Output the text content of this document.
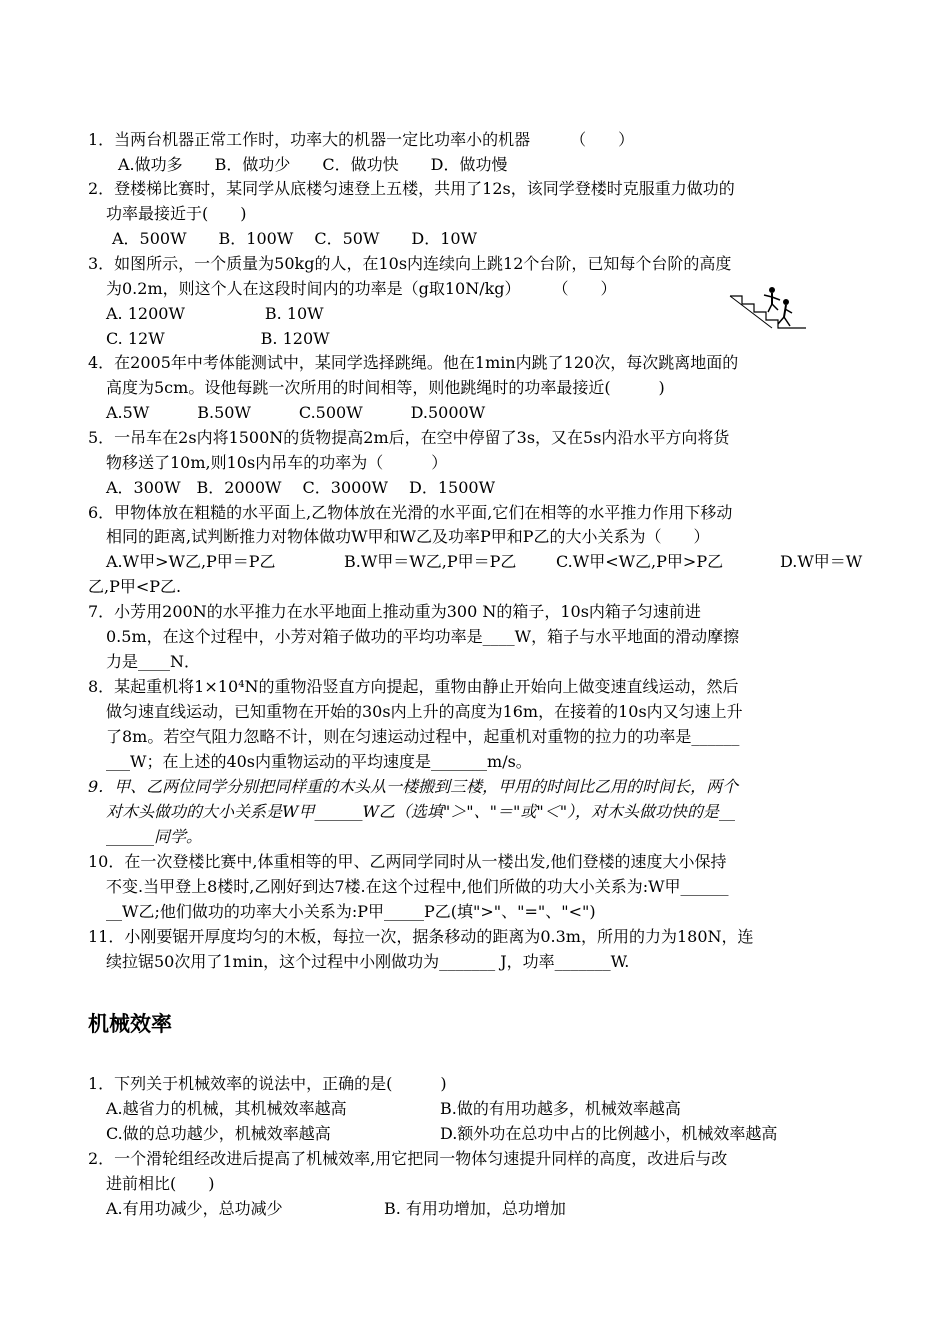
1．当两台机器正常工作时，功率大的机器一定比功率小的机器　　　（　　）
A.做功多　　B．做功少　　C．做功快　　D．做功慢
2．登楼梯比赛时，某同学从底楼匀速登上五楼，共用了12s，该同学登楼时克服重力做功的
功率最接近于(　　)
A．500W　　B．100W　 C．50W　　D．10W
3．如图所示，一个质量为50kg的人，在10s内连续向上跳12个台阶，已知每个台阶的高度
为0.2m，则这个人在这段时间内的功率是（g取10N/kg）　　　（　　）
A. 1200W　　　　　B. 10W
C. 12W　　　　　　B. 120W
4．在2005年中考体能测试中，某同学选择跳绳。他在1min内跳了120次，每次跳离地面的
高度为5cm。设他每跳一次所用的时间相等，则他跳绳时的功率最接近(　　　)
A.5W　　　B.50W　　　C.500W　　　D.5000W
5．一吊车在2s内将1500N的货物提高2m后，在空中停留了3s，又在5s内沿水平方向将货
物移送了10m,则10s内吊车的功率为（　　　）
A．300W　B．2000W　 C．3000W　 D．1500W
6．甲物体放在粗糙的水平面上,乙物体放在光滑的水平面,它们在相等的水平推力作用下移动
相同的距离,试判断推力对物体做功W甲和W乙及功率P甲和P乙的大小关系为（　　）
A.W甲>W乙,P甲＝P乙	B.W甲＝W乙,P甲＝P乙 C.W甲<W乙,P甲>P乙	D.W甲＝W
乙,P甲<P乙.
7．小芳用200N的水平推力在水平地面上推动重为300 N的箱子，10s内箱子匀速前进
0.5m，在这个过程中，小芳对箱子做功的平均功率是____W，箱子与水平地面的滑动摩擦
力是____N．
8．某起重机将1×10⁴N的重物沿竖直方向提起，重物由静止开始向上做变速直线运动，然后
做匀速直线运动，已知重物在开始的30s内上升的高度为16m，在接着的10s内又匀速上升
了8m。若空气阻力忽略不计，则在匀速运动过程中，起重机对重物的拉力的功率是______
___W；在上述的40s内重物运动的平均速度是_______m/s。
9．甲、乙两位同学分别把同样重的木头从一楼搬到三楼，甲用的时间比乙用的时间长，两个
对木头做功的大小关系是W甲______W乙（选填"＞"、"＝"或"＜"），对木头做功快的是__
______同学。
10．在一次登楼比赛中,体重相等的甲、乙两同学同时从一楼出发,他们登楼的速度大小保持
不变.当甲登上8楼时,乙刚好到达7楼.在这个过程中,他们所做的功大小关系为:W甲______
__W乙;他们做功的功率大小关系为:P甲_____P乙(填">"、"="、"<")
11．小刚要锯开厚度均匀的木板，每拉一次，据条移动的距离为0.3m，所用的力为180N，连
续拉锯50次用了1min，这个过程中小刚做功为_______ J，功率_______W.
机械效率
1．下列关于机械效率的说法中，正确的是(　　　)
A.越省力的机械，其机械效率越高	B.做的有用功越多，机械效率越高
C.做的总功越少，机械效率越高	D.额外功在总功中占的比例越小，机械效率越高
2．一个滑轮组经改进后提高了机械效率,用它把同一物体匀速提升同样的高度，改进后与改
进前相比(　　)
A.有用功减少，总功减少	B. 有用功增加，总功增加
